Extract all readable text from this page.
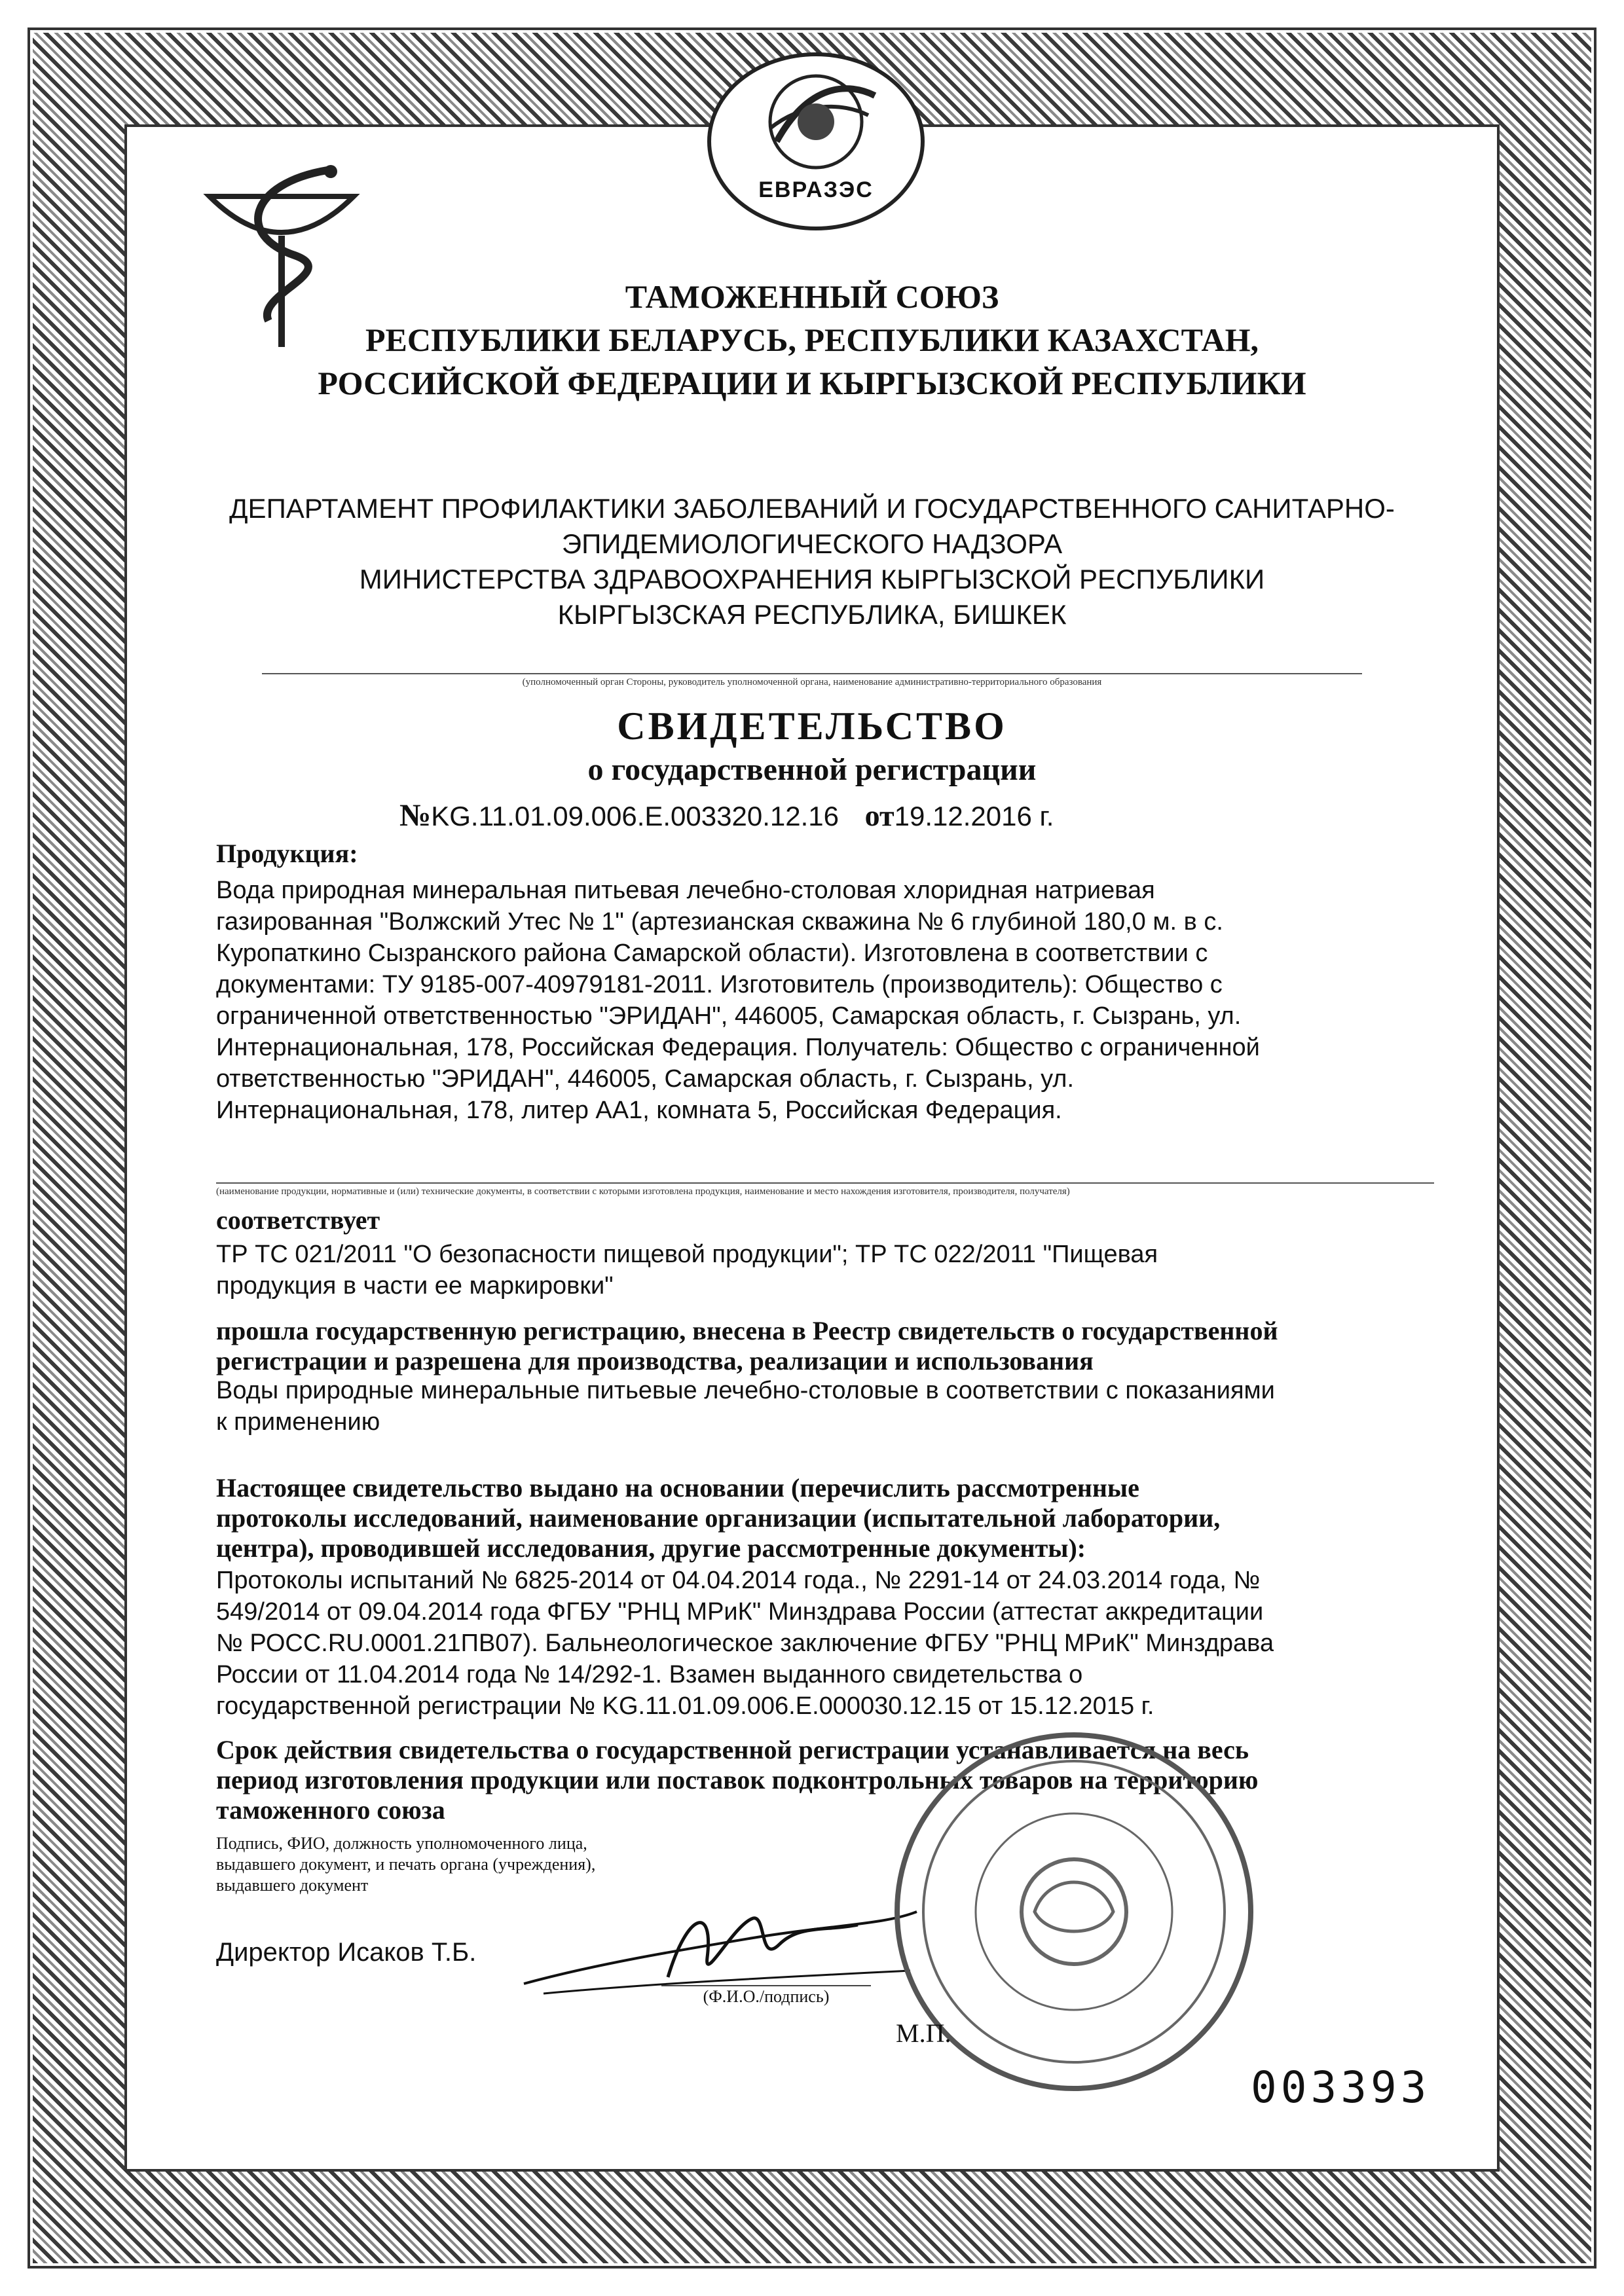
ЕВРАЗЭС
ТАМОЖЕННЫЙ СОЮЗ
РЕСПУБЛИКИ БЕЛАРУСЬ, РЕСПУБЛИКИ КАЗАХСТАН,
РОССИЙСКОЙ ФЕДЕРАЦИИ И КЫРГЫЗСКОЙ РЕСПУБЛИКИ
ДЕПАРТАМЕНТ ПРОФИЛАКТИКИ ЗАБОЛЕВАНИЙ И ГОСУДАРСТВЕННОГО САНИТАРНО-
ЭПИДЕМИОЛОГИЧЕСКОГО НАДЗОРА
МИНИСТЕРСТВА ЗДРАВООХРАНЕНИЯ КЫРГЫЗСКОЙ РЕСПУБЛИКИ
КЫРГЫЗСКАЯ РЕСПУБЛИКА, БИШКЕК
(уполномоченный орган Стороны, руководитель уполномоченной органа, наименование административно-территориального образования
СВИДЕТЕЛЬСТВО
о государственной регистрации
№KG.11.01.09.006.Е.003320.12.16 от19.12.2016 г.
Продукция:
Вода природная минеральная питьевая лечебно-столовая хлоридная натриевая
газированная "Волжский Утес № 1" (артезианская скважина № 6 глубиной 180,0 м. в с.
Куропаткино Сызранского района Самарской области). Изготовлена в соответствии с
документами: ТУ 9185-007-40979181-2011. Изготовитель (производитель): Общество с
ограниченной ответственностью "ЭРИДАН", 446005, Самарская область, г. Сызрань, ул.
Интернациональная, 178, Российская Федерация. Получатель: Общество с ограниченной
ответственностью "ЭРИДАН", 446005, Самарская область, г. Сызрань, ул.
Интернациональная, 178, литер АА1, комната 5, Российская Федерация.
(наименование продукции, нормативные и (или) технические документы, в соответствии с которыми изготовлена продукция, наименование и место нахождения изготовителя, производителя, получателя)
соответствует
ТР ТС 021/2011 "О безопасности пищевой продукции"; ТР ТС 022/2011 "Пищевая
продукция в части ее маркировки"
прошла государственную регистрацию, внесена в Реестр свидетельств о государственной
регистрации и разрешена для производства, реализации и использования
Воды природные минеральные питьевые лечебно-столовые в соответствии с показаниями
к применению
Настоящее свидетельство выдано на основании (перечислить рассмотренные
протоколы исследований, наименование организации (испытательной лаборатории,
центра), проводившей исследования, другие рассмотренные документы):
Протоколы испытаний № 6825-2014 от 04.04.2014 года., № 2291-14 от 24.03.2014 года, №
549/2014 от 09.04.2014 года ФГБУ "РНЦ МРиК" Минздрава России (аттестат аккредитации
№ РОСС.RU.0001.21ПВ07). Бальнеологическое заключение ФГБУ "РНЦ МРиК" Минздрава
России от 11.04.2014 года № 14/292-1. Взамен выданного свидетельства о
государственной регистрации № KG.11.01.09.006.Е.000030.12.15 от 15.12.2015 г.
Срок действия свидетельства о государственной регистрации устанавливается на весь
период изготовления продукции или поставок подконтрольных товаров на территорию
таможенного союза
Подпись, ФИО, должность уполномоченного лица,
выдавшего документ, и печать органа (учреждения),
выдавшего документ
Директор Исаков Т.Б.
(Ф.И.О./подпись)
М.П.
003393
